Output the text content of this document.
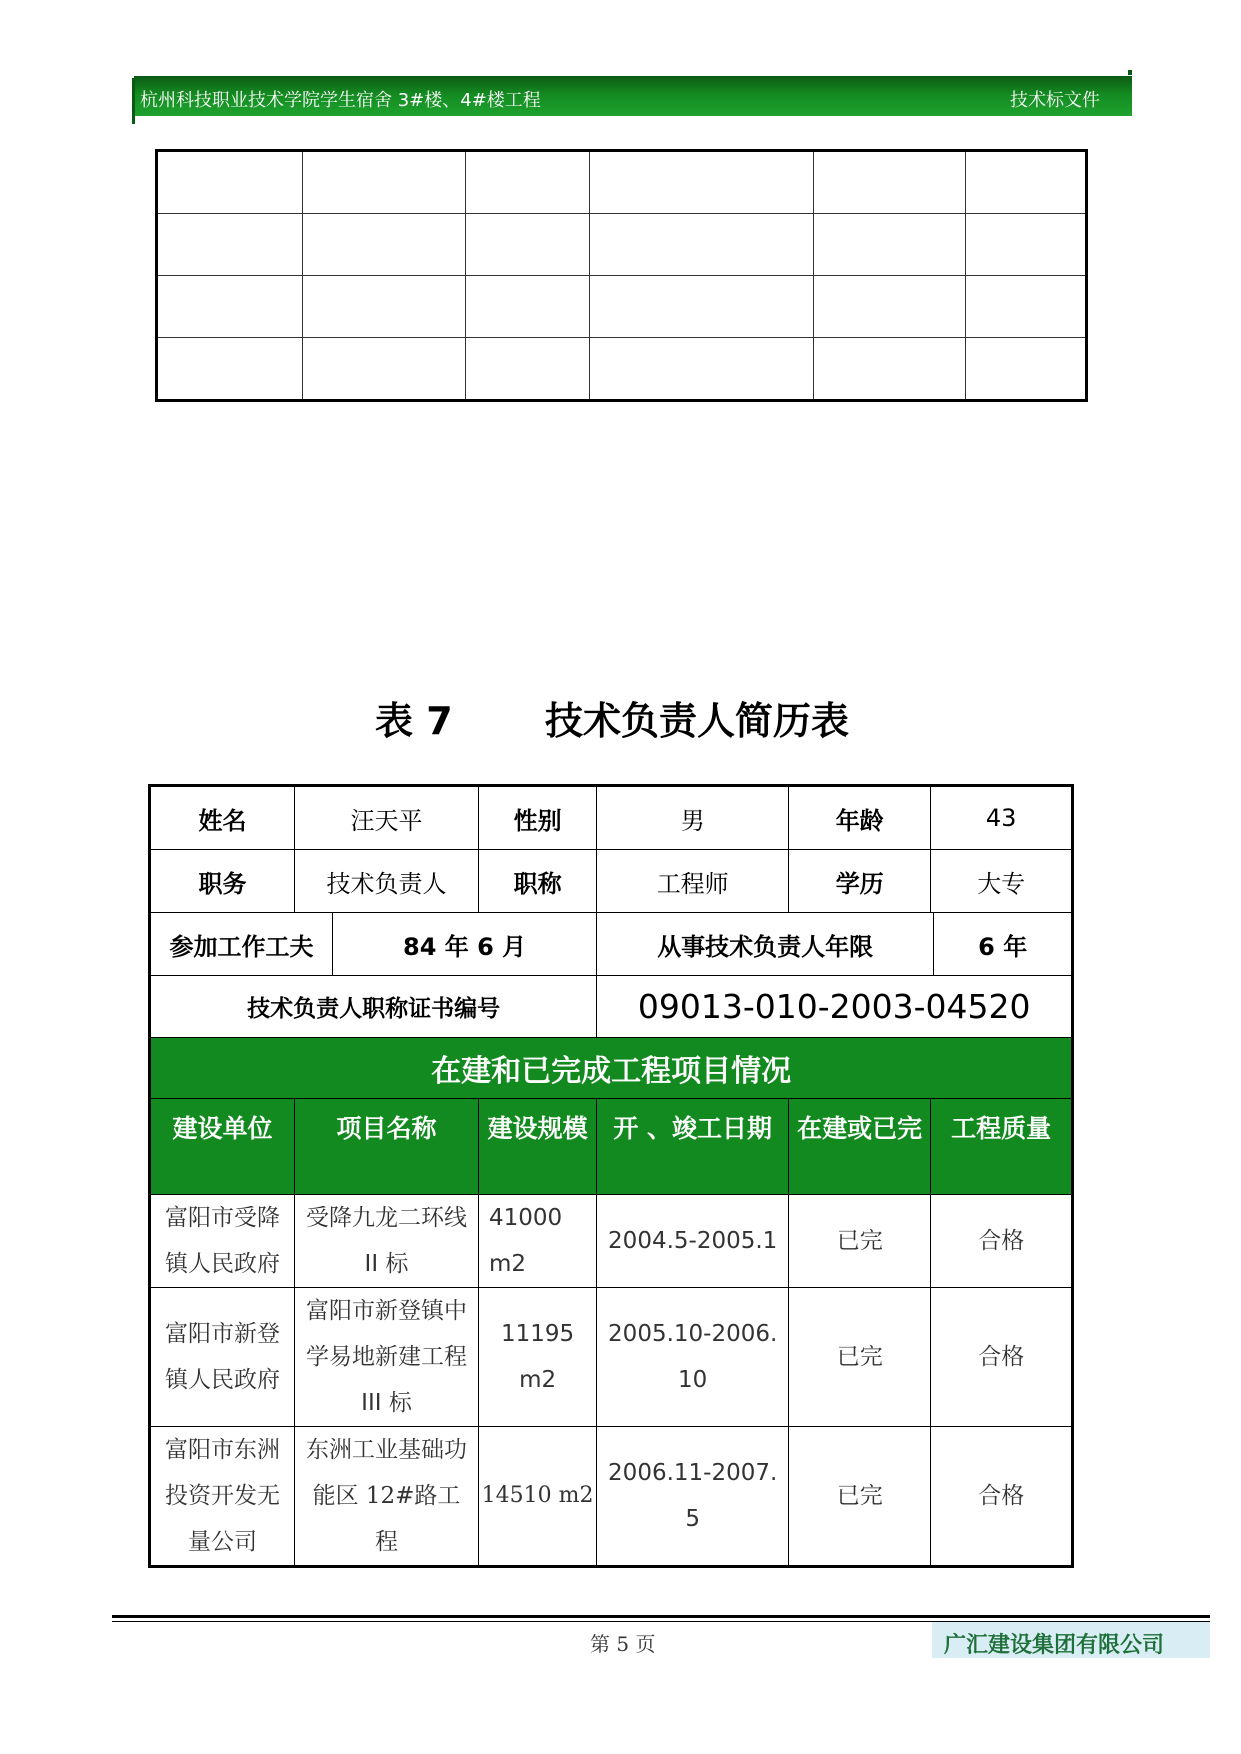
杭州科技职业技术学院学生宿舍 3#楼、4#楼工程	技术标文件

表 7 技术负责人简历表
姓名	汪天平		性别	男	年龄	43	
职务	技术负责人		职称	工程师	学历	大专	
参加工作工夫		84 年 6 月		从事技术负责人年限			6 年
技术负责人职称证书编号				09013-010-2003-04520			
在建和已完成工程项目情况							
建设单位	项目名称		建设规模	开 、竣工日期	在建或已完	工程质量	
富阳市受降镇人民政府	受降九龙二环线 II 标		41000 m2	2004.5-2005.1	已完	合格	
富阳市新登镇人民政府	富阳市新登镇中学易地新建工程 III 标		11195 m2	2005.10-2006.10	已完	合格	
富阳市东洲投资开发无量公司	东洲工业基础功能区 12#路工程		14510 m2	2006.11-2007.5	已完	合格	
第 5 页	广汇建设集团有限公司
